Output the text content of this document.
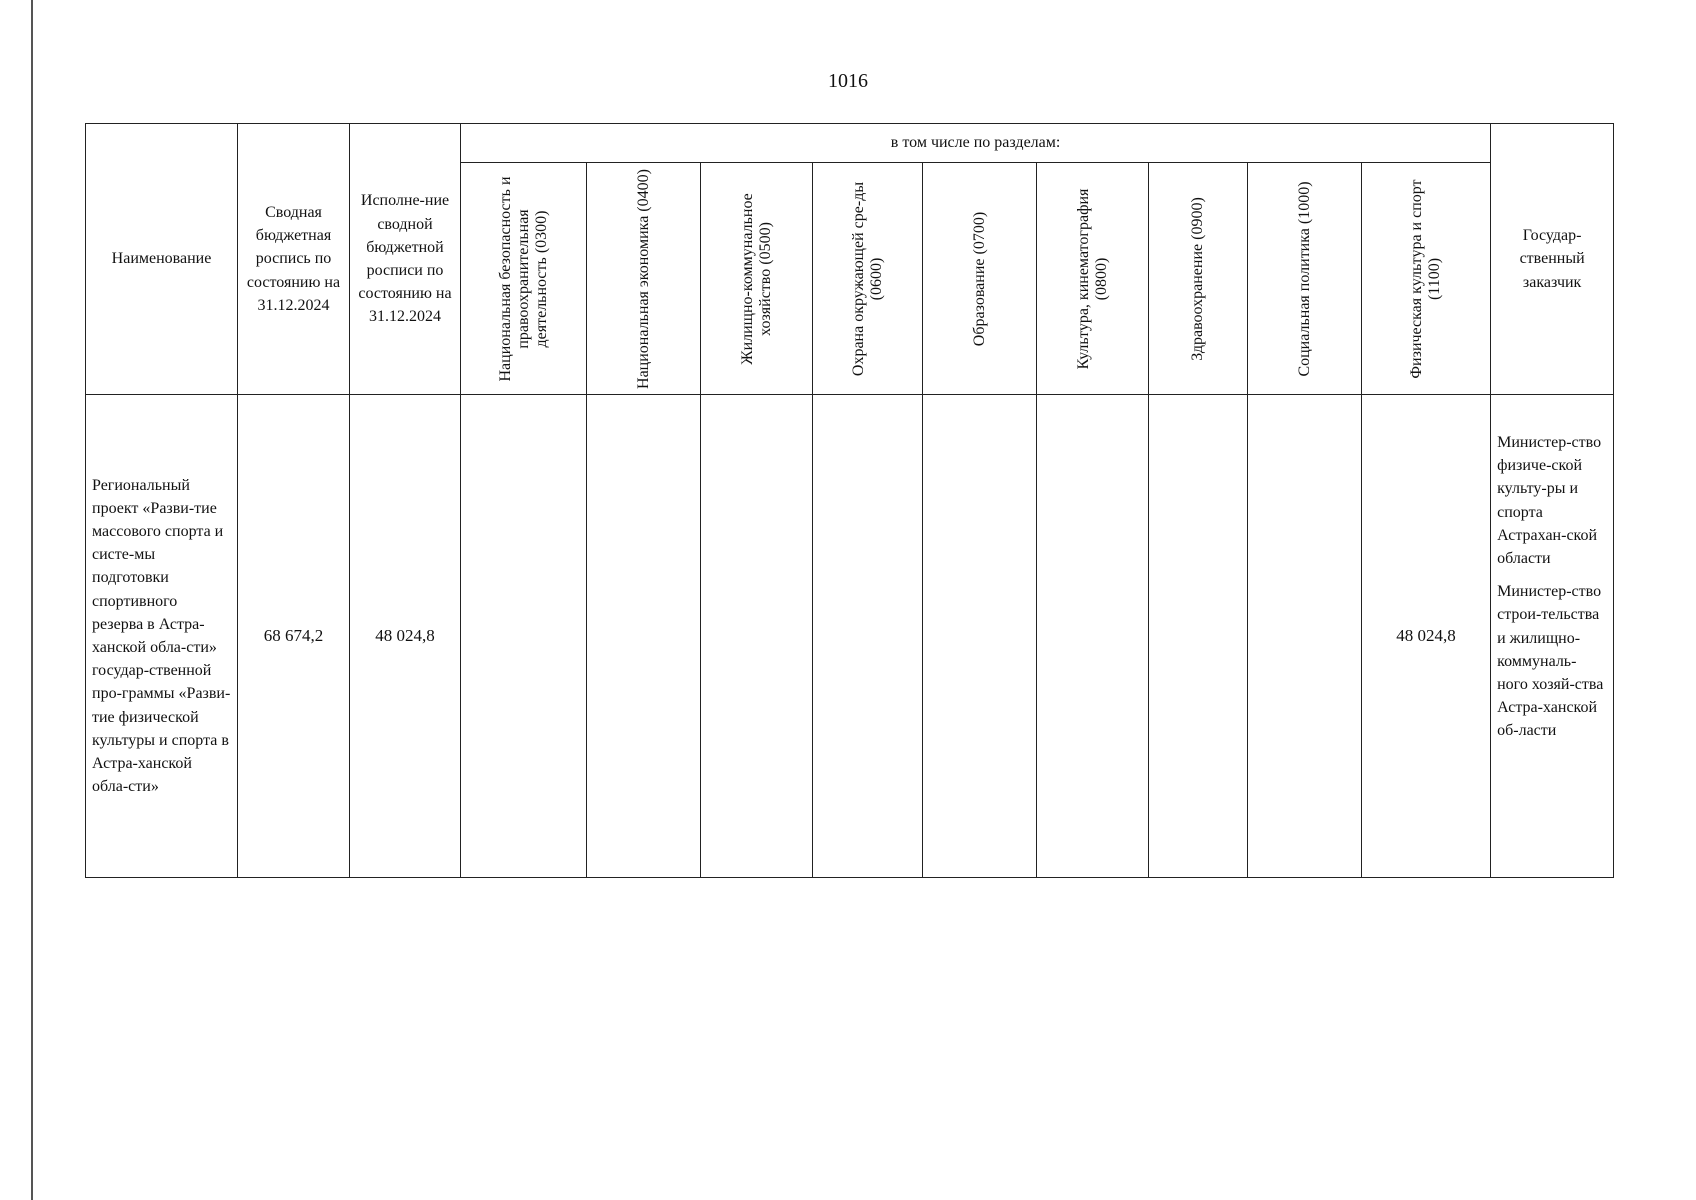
1016
Наименование	Сводная бюджетная роспись по состоянию на 31.12.2024	Исполне-ние сводной бюджетной росписи по состоянию на 31.12.2024	в том числе по разделам:									Государ-ственный заказчик

			Национальная безопасность и правоохранительная деятельность (0300)	Национальная экономика (0400)	Жилищно-коммунальное хозяйство (0500)	Охрана окружающей сре-ды (0600)	Образование (0700)	Культура, кинематография (0800)	Здравоохранение (0900)	Социальная политика (1000)	Физическая культура и спорт (1100)	

Региональный проект «Разви-тие массового спорта и систе-мы подготовки спортивного резерва в Астра-ханской обла-сти» государ-ственной про-граммы «Разви-тие физической культуры и спорта в Астра-ханской обла-сти»	68 674,2	48 024,8									48 024,8	Министер-ство физиче-ской культу-ры и спорта Астрахан-ской области
Министер-ство строи-тельства и жилищно-коммуналь-ного хозяй-ства Астра-ханской об-ласти
